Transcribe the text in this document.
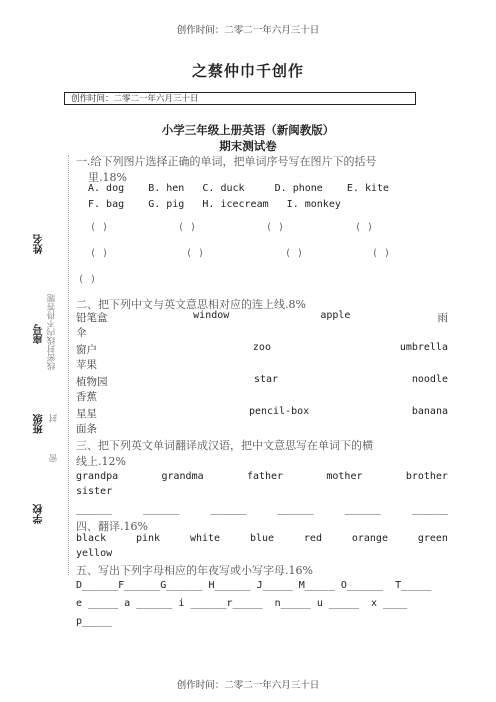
创作时间：二零二一年六月三十日
之蔡仲巾千创作
创作时间：二零二一年六月三十日
小学三年级上册英语（新闽教版）
期末测试卷
姓名
座号 线密封线内不得答题
班级 封
密
学校
一.给下列图片选择正确的单词，把单词序号写在图片下的括号
里.18%
A. dog    B. hen   C. duck     D. phone    E. kite
F. bag    G. pig   H. icecream   I. monkey
( )	( )	( )	( )
( )	( )	( )	( )
( )
二、把下列中文与英文意思相对应的连上线.8%
铅笔盒	window	apple	雨
伞
窗户	zoo	umbrella
苹果
植物园	star	noodle
香蕉
星星	pencil-box	banana
面条
三、把下列英文单词翻译成汉语，把中文意思写在单词下的横
线上.12%
grandpa	grandma	father	mother	brother
sister
______	______	______	______	______	______
四、翻译.16%
black	pink	white	blue	red	orange	green
yellow
五、写出下列字母相应的年夜写或小写字母.16%
D______F______G______ H______ J_____ M_____ O______  T_____
e _____ a ______ i ______r_____  n_____ u _____  x ____
p_____
创作时间：二零二一年六月三十日
